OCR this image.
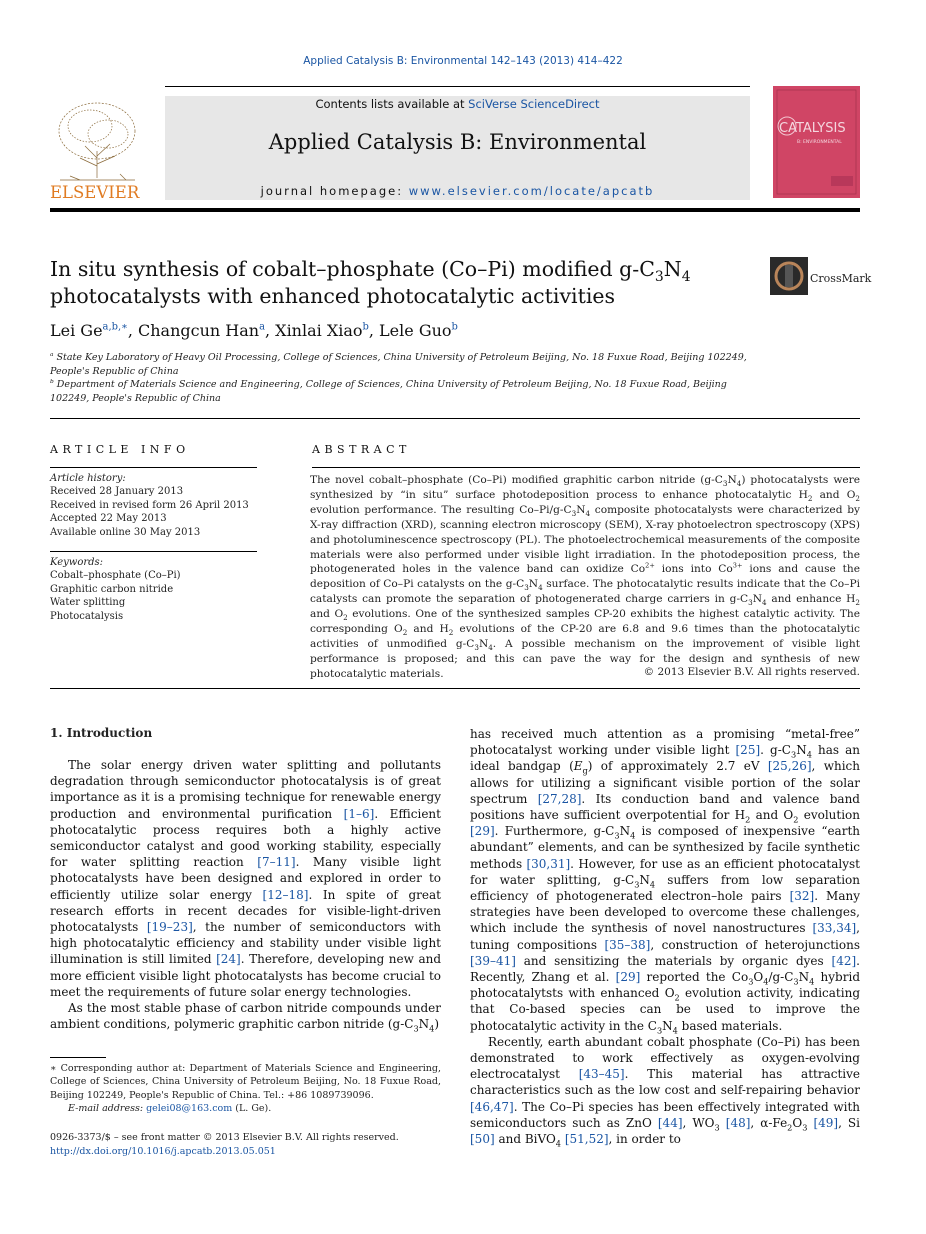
Applied Catalysis B: Environmental 142–143 (2013) 414–422
ELSEVIER
Contents lists available at SciVerse ScienceDirect
Applied Catalysis B: Environmental
journal homepage: www.elsevier.com/locate/apcatb
CATALYSIS
B: ENVIRONMENTAL
In situ synthesis of cobalt–phosphate (Co–Pi) modified $g-C_3N_4$
photocatalysts with enhanced photocatalytic activities
CrossMark
Lei $Ge^{a,b,∗}$, Changcun Han$^a$, Xinlai Xiao$^b$, Lele Guo$^b$
$^a$ State Key Laboratory of Heavy Oil Processing, College of Sciences, China University of Petroleum Beijing, No. 18 Fuxue Road, Beijing 102249, People's Republic of China
$^b$ Department of Materials Science and Engineering, College of Sciences, China University of Petroleum Beijing, No. 18 Fuxue Road, Beijing 102249, People's Republic of China
ARTICLE INFO
Article history:
Received 28 January 2013
Received in revised form 26 April 2013
Accepted 22 May 2013
Available online 30 May 2013
Keywords:
Cobalt–phosphate (Co–Pi)
Graphitic carbon nitride
Water splitting
Photocatalysis
ABSTRACT
The novel cobalt–phosphate (Co–Pi) modified graphitic carbon nitride $(g-C_3N_4)$ photocatalysts were synthesized by “in situ” surface photodeposition process to enhance photocatalytic $H_2$ and $O_2$ evolution performance. The resulting $Co-Pi/g-C_3N_4$ composite photocatalysts were characterized by X-ray diffraction (XRD), scanning electron microscopy (SEM), X-ray photoelectron spectroscopy (XPS) and photoluminescence spectroscopy (PL). The photoelectrochemical measurements of the composite materials were also performed under visible light irradiation. In the photodeposition process, the photogenerated holes in the valence band can oxidize $Co^{2+}$ ions into $Co^{3+}$ ions and cause the deposition of Co–Pi catalysts on the $g-C_3N_4$ surface. The photocatalytic results indicate that the Co–Pi catalysts can promote the separation of photogenerated charge carriers in $g-C_3N_4$ and enhance $H_2$ and $O_2$ evolutions. One of the synthesized samples CP-20 exhibits the highest catalytic activity. The corresponding $O_2$ and $H_2$ evolutions of the CP-20 are 6.8 and 9.6 times than the photocatalytic activities of unmodified $g-C_3N_4$. A possible mechanism on the improvement of visible light performance is proposed; and this can pave the way for the design and synthesis of new photocatalytic materials.	© 2013 Elsevier B.V. All rights reserved.
1. Introduction

The solar energy driven water splitting and pollutants degradation through semiconductor photocatalysis is of great importance as it is a promising technique for renewable energy production and environmental purification [1–6]. Efficient photocatalytic process requires both a highly active semiconductor catalyst and good working stability, especially for water splitting reaction [7–11]. Many visible light photocatalysts have been designed and explored in order to efficiently utilize solar energy [12–18]. In spite of great research efforts in recent decades for visible-light-driven photocatalysts [19–23], the number of semiconductors with high photocatalytic efficiency and stability under visible light illumination is still limited [24]. Therefore, developing new and more efficient visible light photocatalysts has become crucial to meet the requirements of future solar energy technologies.

As the most stable phase of carbon nitride compounds under ambient conditions, polymeric graphitic carbon nitride $(g-C_3N_4)$

has received much attention as a promising “metal-free” photocatalyst working under visible light [25]. $g-C_3N_4$ has an ideal bandgap $(E_g)$ of approximately 2.7 eV [25,26], which allows for utilizing a significant visible portion of the solar spectrum [27,28]. Its conduction band and valence band positions have sufficient overpotential for $H_2$ and $O_2$ evolution [29]. Furthermore, $g-C_3N_4$ is composed of inexpensive “earth abundant” elements, and can be synthesized by facile synthetic methods [30,31]. However, for use as an efficient photocatalyst for water splitting, $g-C_3N_4$ suffers from low separation efficiency of photogenerated electron–hole pairs [32]. Many strategies have been developed to overcome these challenges, which include the synthesis of novel nanostructures [33,34], tuning compositions [35–38], construction of heterojunctions [39–41] and sensitizing the materials by organic dyes [42]. Recently, Zhang et al. [29] reported the $Co_3O_4/g-C_3N_4$ hybrid photocatalytsts with enhanced $O_2$ evolution activity, indicating that Co-based species can be used to improve the photocatalytic activity in the $C_3N_4$ based materials.

Recently, earth abundant cobalt phosphate (Co–Pi) has been demonstrated to work effectively as oxygen-evolving electrocatalyst [43–45]. This material has attractive characteristics such as the low cost and self-repairing behavior [46,47]. The Co–Pi species has been effectively integrated with semiconductors such as ZnO [44], $WO_3$ [48], $\alpha-Fe_2O_3$ [49], Si [50] and BiVO$_4$ [51,52], in order to

∗ Corresponding author at: Department of Materials Science and Engineering, College of Sciences, China University of Petroleum Beijing, No. 18 Fuxue Road, Beijing 102249, People's Republic of China. Tel.: +86 1089739096.
E-mail address: gelei08@163.com (L. Ge).
0926-3373/$ – see front matter © 2013 Elsevier B.V. All rights reserved.
http://dx.doi.org/10.1016/j.apcatb.2013.05.051
